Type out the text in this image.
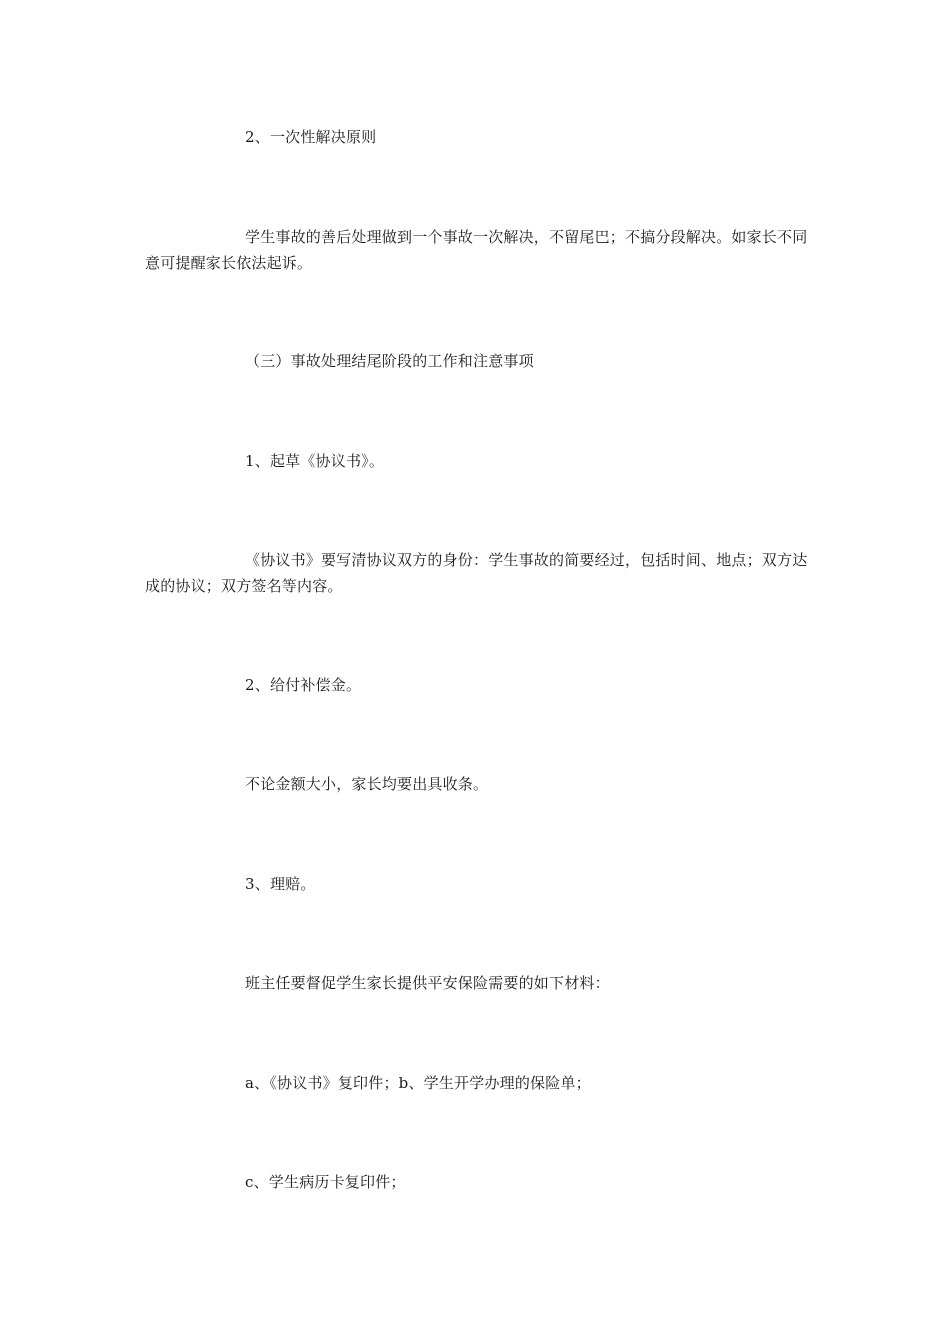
2、一次性解决原则

学生事故的善后处理做到一个事故一次解决，不留尾巴；不搞分段解决。如家长不同意可提醒家长依法起诉。

（三）事故处理结尾阶段的工作和注意事项

1、起草《协议书》。

《协议书》要写清协议双方的身份：学生事故的简要经过，包括时间、地点；双方达成的协议；双方签名等内容。

2、给付补偿金。

不论金额大小，家长均要出具收条。

3、理赔。

班主任要督促学生家长提供平安保险需要的如下材料：

a、《协议书》复印件；b、学生开学办理的保险单；

c、学生病历卡复印件；
